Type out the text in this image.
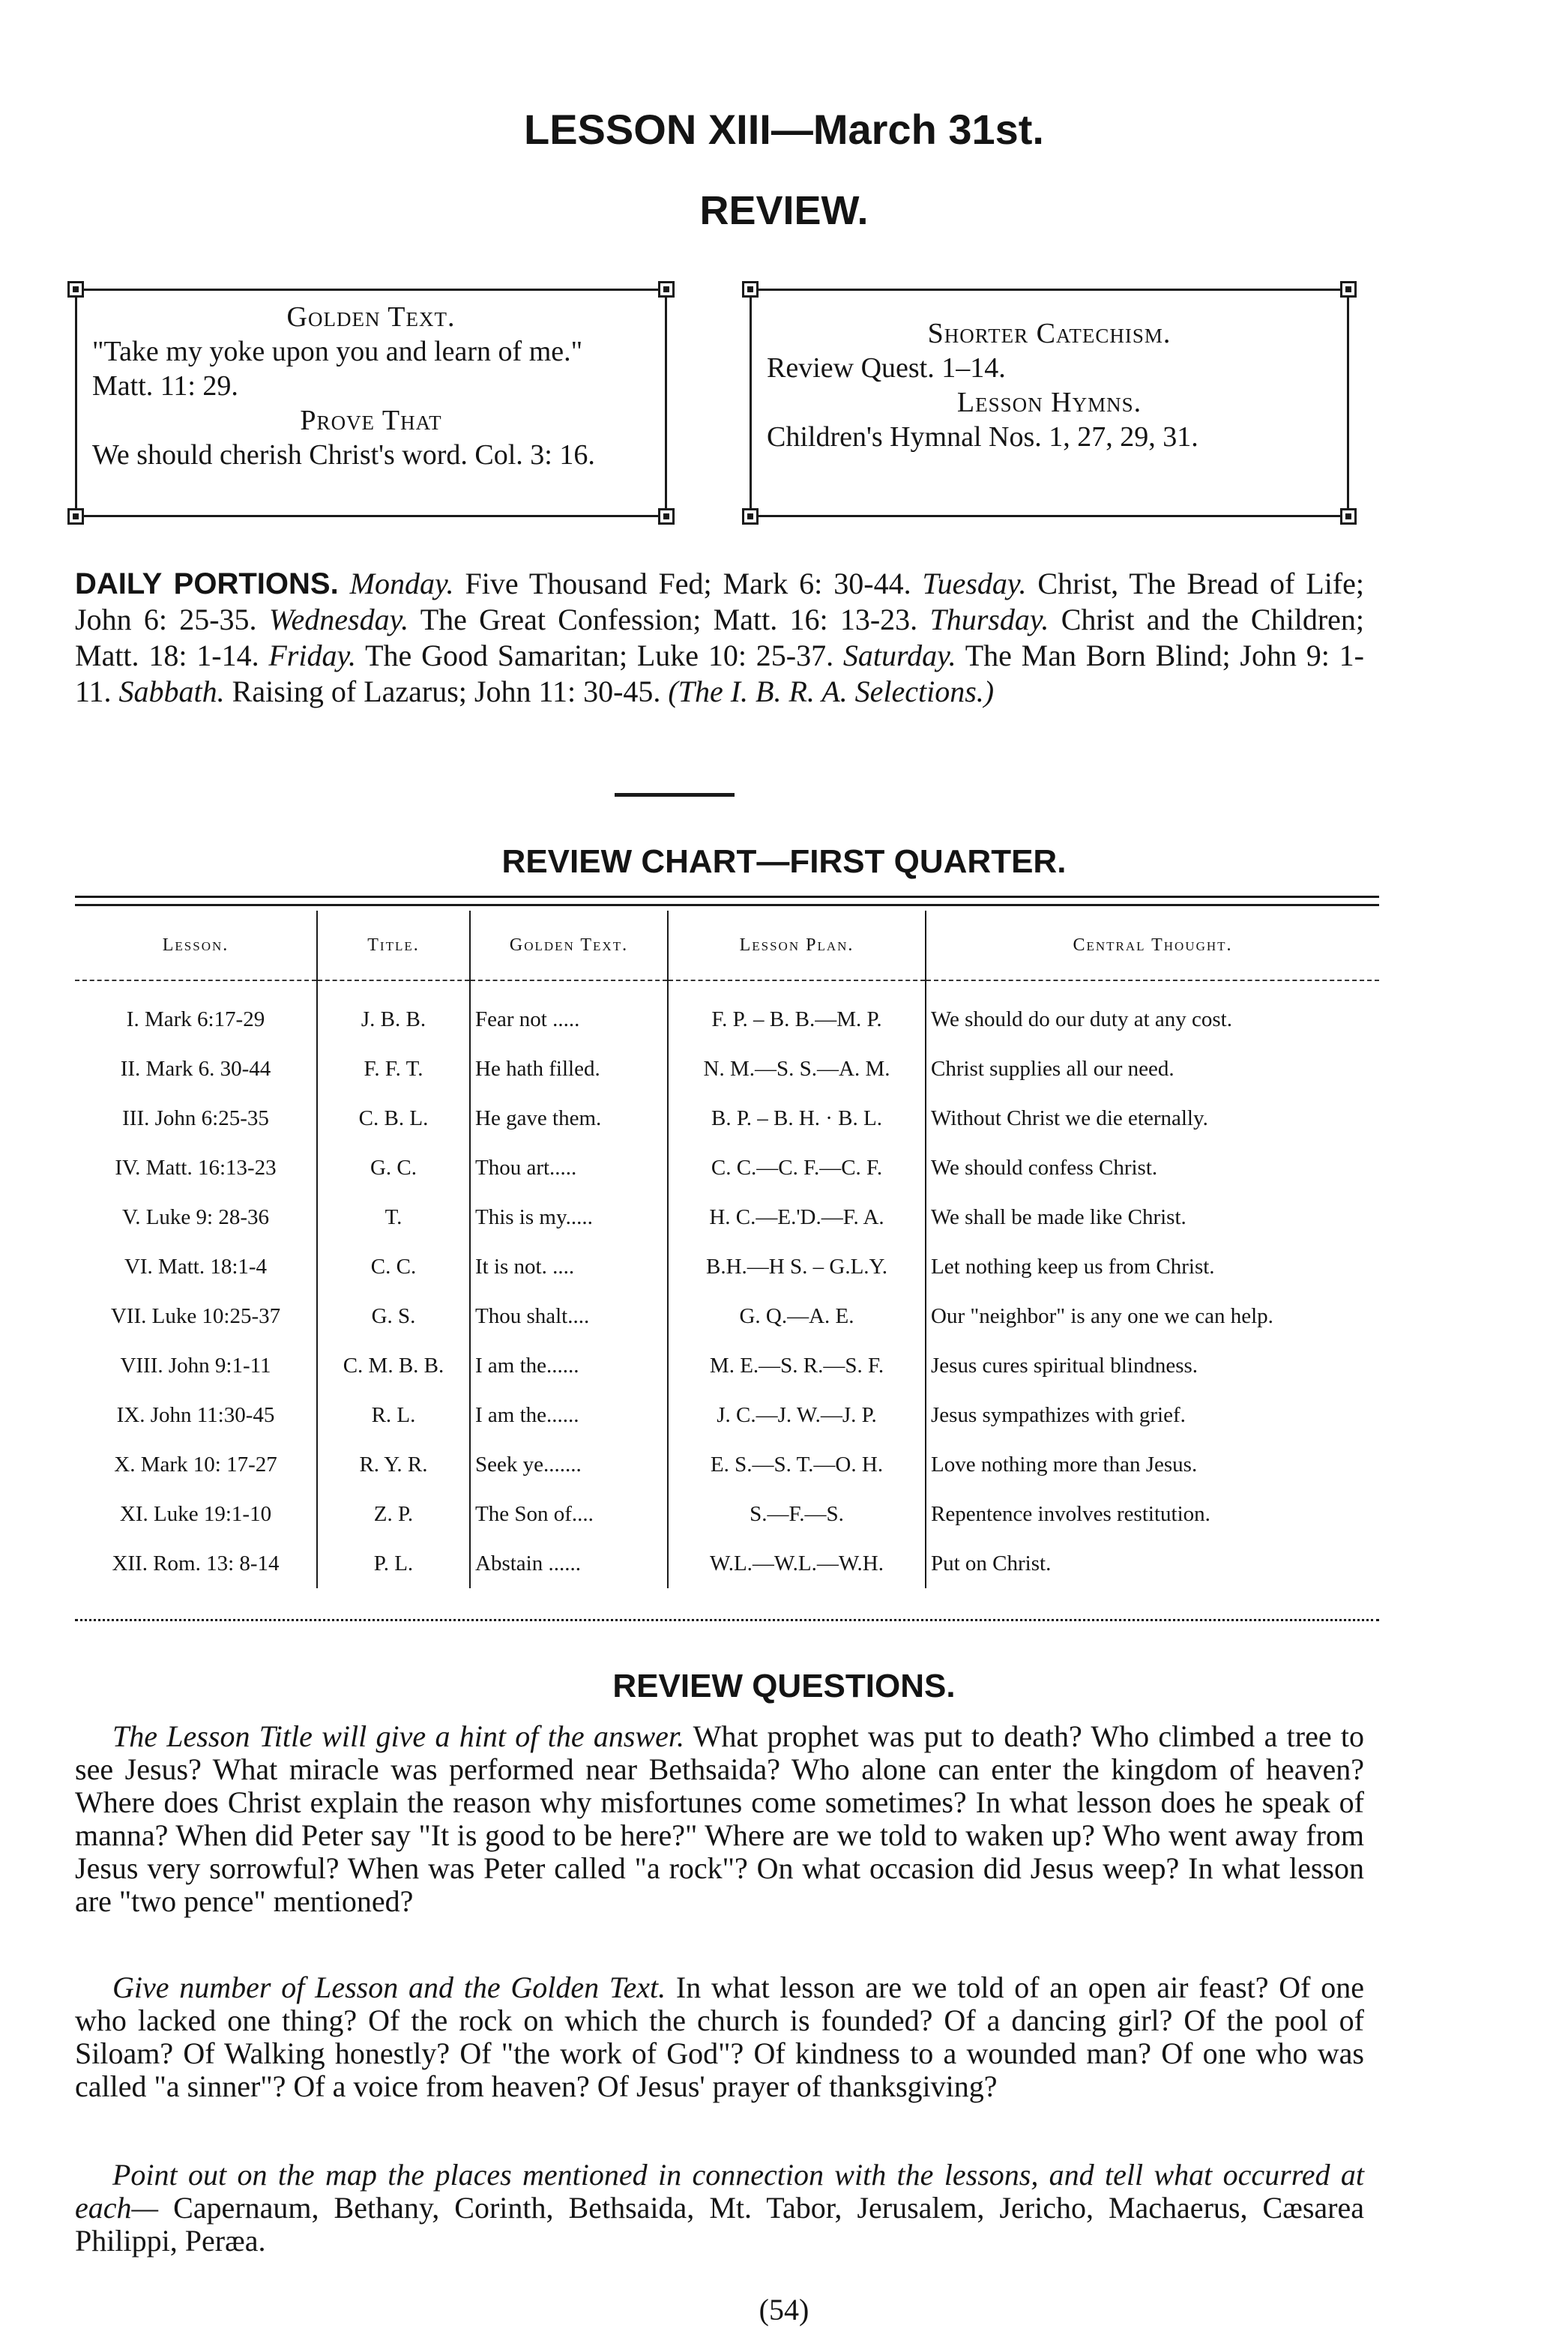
LESSON XIII—March 31st.
REVIEW.
Golden Text.
"Take my yoke upon you and learn of me." Matt. 11: 29.
Prove That
We should cherish Christ's word. Col. 3: 16.
Shorter Catechism.
Review Quest. 1–14.
Lesson Hymns.
Children's Hymnal Nos. 1, 27, 29, 31.
DAILY PORTIONS. Monday. Five Thousand Fed; Mark 6: 30-44. Tuesday. Christ, The Bread of Life; John 6: 25-35. Wednesday. The Great Confession; Matt. 16: 13-23. Thursday. Christ and the Children; Matt. 18: 1-14. Friday. The Good Samaritan; Luke 10: 25-37. Saturday. The Man Born Blind; John 9: 1-11. Sabbath. Raising of Lazarus; John 11: 30-45. (The I. B. R. A. Selections.)
REVIEW CHART—FIRST QUARTER.
Lesson.	Title.	Golden Text.	Lesson Plan.	Central Thought.
I. Mark 6:17-29	J. B. B.	Fear not .....	F. P. – B. B.—M. P.	We should do our duty at any cost.
II. Mark 6. 30-44	F. F. T.	He hath filled.	N. M.—S. S.—A. M.	Christ supplies all our need.
III. John 6:25-35	C. B. L.	He gave them.	B. P. – B. H. · B. L.	Without Christ we die eternally.
IV. Matt. 16:13-23	G. C.	Thou art.....	C. C.—C. F.—C. F.	We should confess Christ.
V. Luke 9: 28-36	T.	This is my.....	H. C.—E.'D.—F. A.	We shall be made like Christ.
VI. Matt. 18:1-4	C. C.	It is not. ....	B.H.—H S. – G.L.Y.	Let nothing keep us from Christ.
VII. Luke 10:25-37	G. S.	Thou shalt....	G. Q.—A. E.	Our "neighbor" is any one we can help.
VIII. John 9:1-11	C. M. B. B.	I am the......	M. E.—S. R.—S. F.	Jesus cures spiritual blindness.
IX. John 11:30-45	R. L.	I am the......	J. C.—J. W.—J. P.	Jesus sympathizes with grief.
X. Mark 10: 17-27	R. Y. R.	Seek ye.......	E. S.—S. T.—O. H.	Love nothing more than Jesus.
XI. Luke 19:1-10	Z. P.	The Son of....	S.—F.—S.	Repentence involves restitution.
XII. Rom. 13: 8-14	P. L.	Abstain ......	W.L.—W.L.—W.H.	Put on Christ.
REVIEW QUESTIONS.
The Lesson Title will give a hint of the answer. What prophet was put to death? Who climbed a tree to see Jesus? What miracle was performed near Bethsaida? Who alone can enter the kingdom of heaven? Where does Christ explain the reason why misfortunes come sometimes? In what lesson does he speak of manna? When did Peter say "It is good to be here?" Where are we told to waken up? Who went away from Jesus very sorrowful? When was Peter called "a rock"? On what occasion did Jesus weep? In what lesson are "two pence" mentioned?
Give number of Lesson and the Golden Text. In what lesson are we told of an open air feast? Of one who lacked one thing? Of the rock on which the church is founded? Of a dancing girl? Of the pool of Siloam? Of Walking honestly? Of "the work of God"? Of kindness to a wounded man? Of one who was called "a sinner"? Of a voice from heaven? Of Jesus' prayer of thanksgiving?
Point out on the map the places mentioned in connection with the lessons, and tell what occurred at each— Capernaum, Bethany, Corinth, Bethsaida, Mt. Tabor, Jerusalem, Jericho, Machaerus, Cæsarea Philippi, Peræa.
(54)
